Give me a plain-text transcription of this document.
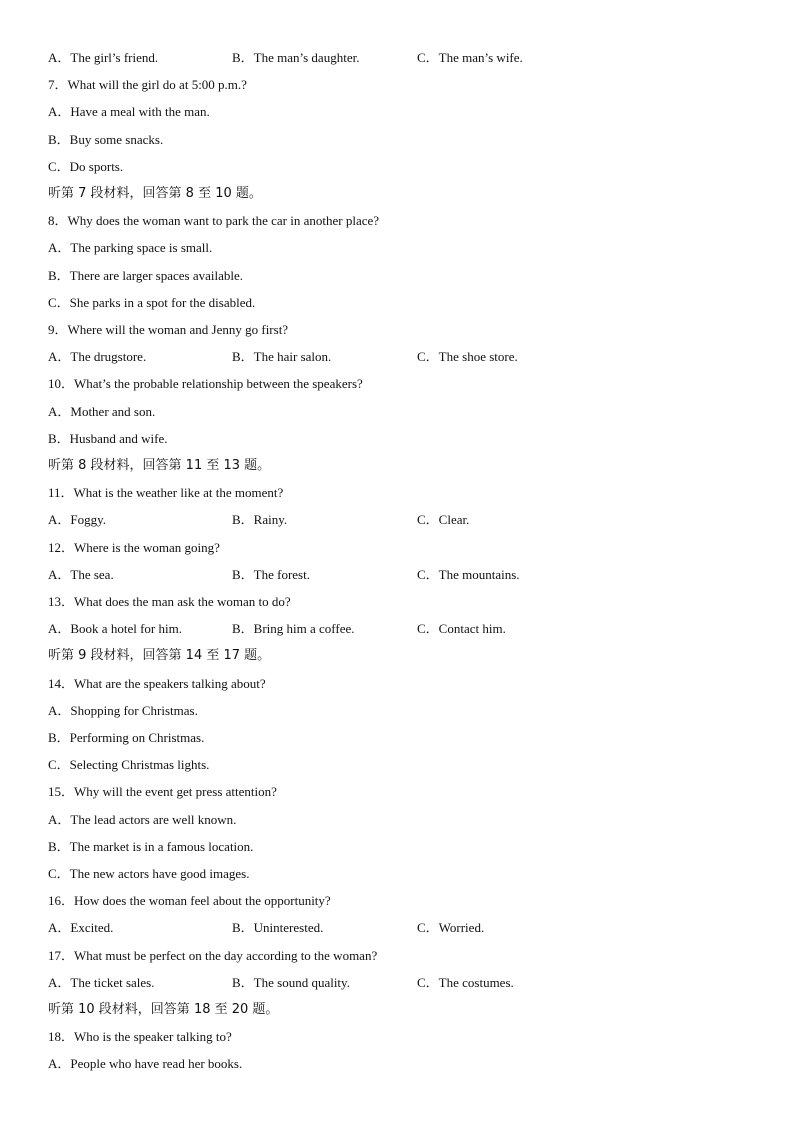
A．The girl’s friend.	B．The man’s daughter.	C．The man’s wife.
7．What will the girl do at 5:00 p.m.?
A．Have a meal with the man.
B．Buy some snacks.
C．Do sports.
听第 7 段材料，回答第 8 至 10 题。
8．Why does the woman want to park the car in another place?
A．The parking space is small.
B．There are larger spaces available.
C．She parks in a spot for the disabled.
9．Where will the woman and Jenny go first?
A．The drugstore.	B．The hair salon.	C．The shoe store.
10．What’s the probable relationship between the speakers?
A．Mother and son.
B．Husband and wife.
听第 8 段材料，回答第 11 至 13 题。
11．What is the weather like at the moment?
A．Foggy.	B．Rainy.	C．Clear.
12．Where is the woman going?
A．The sea.	B．The forest.	C．The mountains.
13．What does the man ask the woman to do?
A．Book a hotel for him.	B．Bring him a coffee.	C．Contact him.
听第 9 段材料，回答第 14 至 17 题。
14．What are the speakers talking about?
A．Shopping for Christmas.
B．Performing on Christmas.
C．Selecting Christmas lights.
15．Why will the event get press attention?
A．The lead actors are well known.
B．The market is in a famous location.
C．The new actors have good images.
16．How does the woman feel about the opportunity?
A．Excited.	B．Uninterested.	C．Worried.
17．What must be perfect on the day according to the woman?
A．The ticket sales.	B．The sound quality.	C．The costumes.
听第 10 段材料，回答第 18 至 20 题。
18．Who is the speaker talking to?
A．People who have read her books.
